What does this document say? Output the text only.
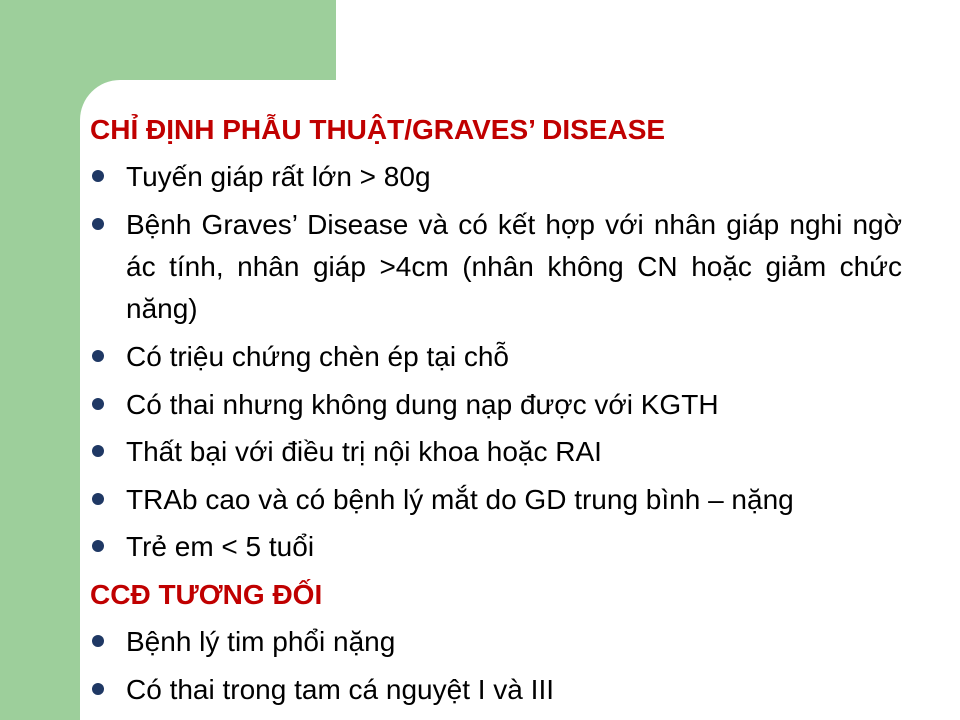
CHỈ ĐỊNH PHẪU THUẬT/GRAVES’ DISEASE
Tuyến giáp rất lớn > 80g
Bệnh Graves’ Disease và có kết hợp với nhân giáp nghi ngờ ác tính, nhân giáp >4cm (nhân không CN hoặc giảm chức năng)
Có triệu chứng chèn ép tại chỗ
Có thai nhưng không dung nạp được với KGTH
Thất bại với điều trị nội khoa hoặc RAI
TRAb cao và có bệnh lý mắt do GD trung bình – nặng
Trẻ em < 5 tuổi
CCĐ TƯƠNG ĐỐI
Bệnh lý tim phổi nặng
Có thai trong tam cá nguyệt I và III
